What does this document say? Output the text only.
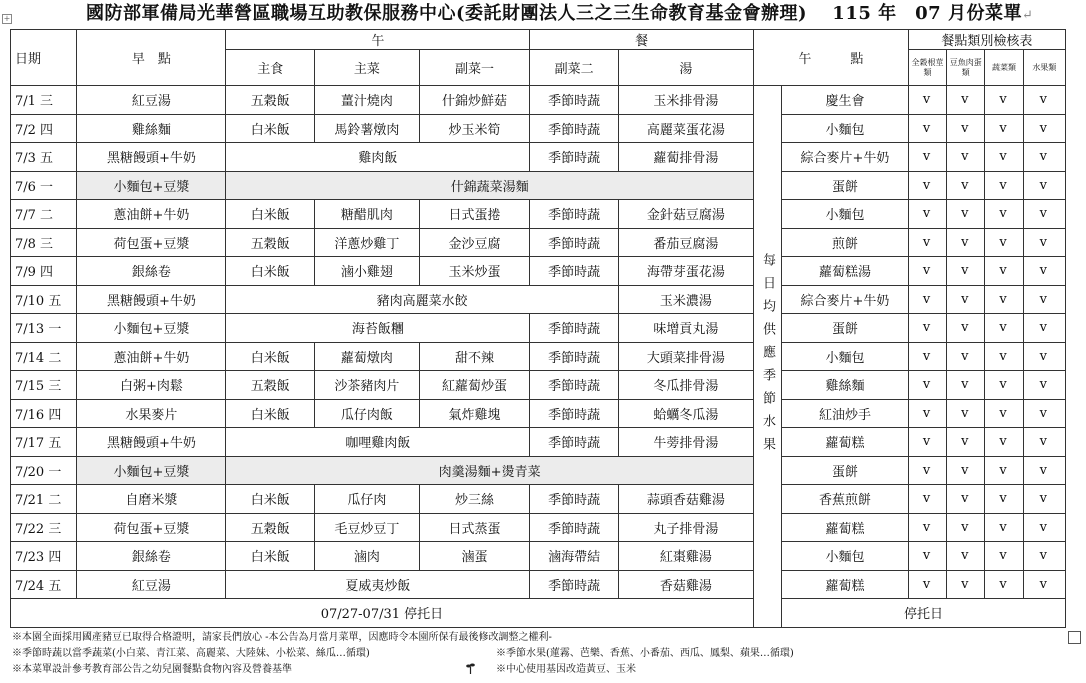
+	國防部軍備局光華營區職場互助教保服務中心(委託財團法人三之三生命教育基金會辦理)　 115 年　07 月份菜單↵
日期	早　點	午			餐		午　　　點		餐點類別檢核表			
		主食	主菜	副菜一	副菜二	湯			全穀根莖類	豆魚肉蛋類	蔬菜類	水果類
7/1 三	紅豆湯	五穀飯	薑汁燒肉	什錦炒鮮菇	季節時蔬	玉米排骨湯	每日均供應季節水果	慶生會	v	v	v	v
7/2 四	雞絲麵	白米飯	馬鈴薯燉肉	炒玉米筍	季節時蔬	高麗菜蛋花湯		小麵包	v	v	v	v
7/3 五	黑糖饅頭+牛奶	雞肉飯			季節時蔬	蘿蔔排骨湯		綜合麥片+牛奶	v	v	v	v
7/6 一	小麵包+豆漿	什錦蔬菜湯麵						蛋餅	v	v	v	v
7/7 二	蔥油餅+牛奶	白米飯	糖醋肌肉	日式蛋捲	季節時蔬	金針菇豆腐湯		小麵包	v	v	v	v
7/8 三	荷包蛋+豆漿	五穀飯	洋蔥炒雞丁	金沙豆腐	季節時蔬	番茄豆腐湯		煎餅	v	v	v	v
7/9 四	銀絲卷	白米飯	滷小雞翅	玉米炒蛋	季節時蔬	海帶芽蛋花湯		蘿蔔糕湯	v	v	v	v
7/10 五	黑糖饅頭+牛奶	豬肉高麗菜水餃				玉米濃湯		綜合麥片+牛奶	v	v	v	v
7/13 一	小麵包+豆漿	海苔飯糰			季節時蔬	味增貢丸湯		蛋餅	v	v	v	v
7/14 二	蔥油餅+牛奶	白米飯	蘿蔔燉肉	甜不辣	季節時蔬	大頭菜排骨湯		小麵包	v	v	v	v
7/15 三	白粥+肉鬆	五穀飯	沙茶豬肉片	紅蘿蔔炒蛋	季節時蔬	冬瓜排骨湯		雞絲麵	v	v	v	v
7/16 四	水果麥片	白米飯	瓜仔肉飯	氣炸雞塊	季節時蔬	蛤蠣冬瓜湯		紅油炒手	v	v	v	v
7/17 五	黑糖饅頭+牛奶	咖哩雞肉飯			季節時蔬	牛蒡排骨湯		蘿蔔糕	v	v	v	v
7/20 一	小麵包+豆漿	肉羹湯麵+燙青菜						蛋餅	v	v	v	v
7/21 二	自磨米漿	白米飯	瓜仔肉	炒三絲	季節時蔬	蒜頭香菇雞湯		香蕉煎餅	v	v	v	v
7/22 三	荷包蛋+豆漿	五穀飯	毛豆炒豆丁	日式蒸蛋	季節時蔬	丸子排骨湯		蘿蔔糕	v	v	v	v
7/23 四	銀絲卷	白米飯	滷肉	滷蛋	滷海帶結	紅棗雞湯		小麵包	v	v	v	v
7/24 五	紅豆湯	夏威夷炒飯			季節時蔬	香菇雞湯		蘿蔔糕	v	v	v	v
07/27-07/31 停托日								停托日				
※本園全面採用國產豬豆已取得合格證明，請家長們放心 -本公告為月當月菜單，因應時令本園所保有最後修改調整之權利-
※季節時蔬以當季蔬菜(小白菜、青江菜、高麗菜、大陸妹、小松菜、絲瓜…循環)
※本菜單設計參考教育部公告之幼兒園餐點食物內容及營養基準
※季節水果(蓮霧、芭樂、香蕉、小番茄、西瓜、鳳梨、蘋果…循環)
※中心使用基因改造黃豆、玉米
